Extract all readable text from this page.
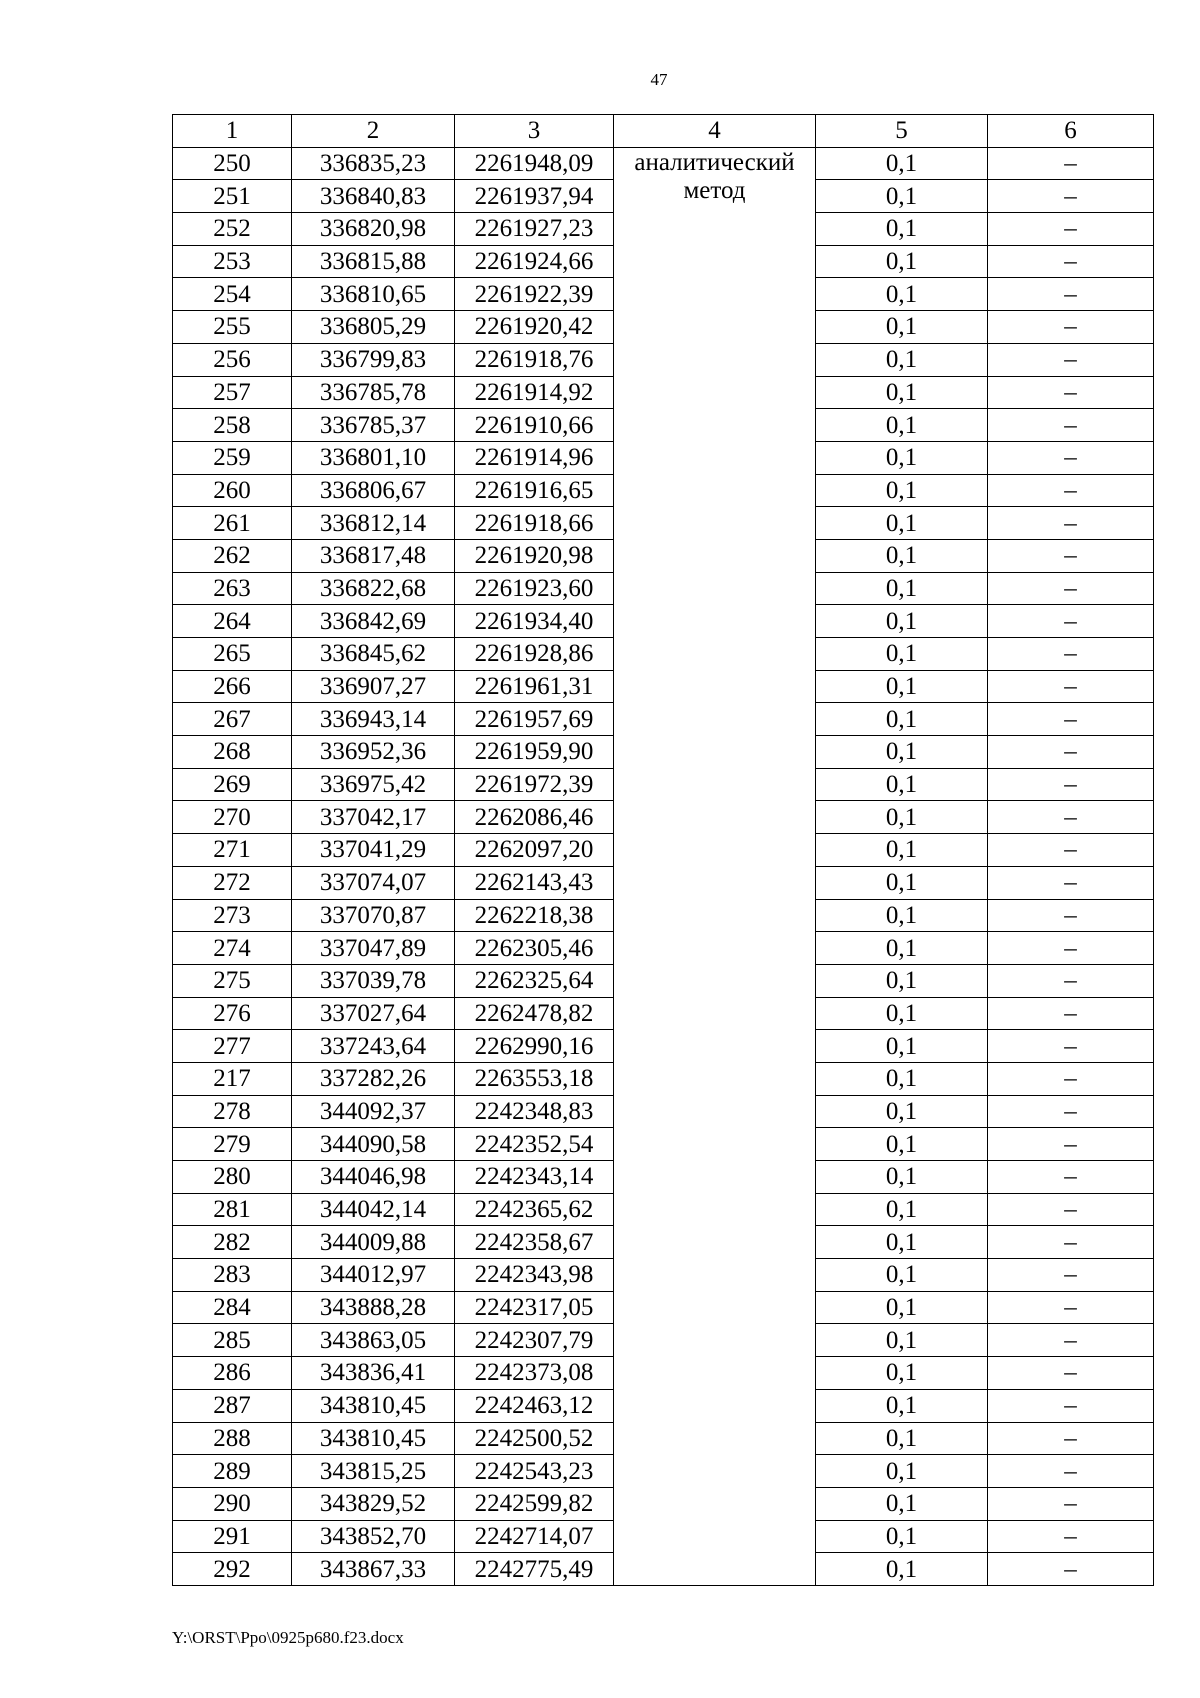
47
1	2	3	4	5	6
250	336835,23	2261948,09	аналитический метод	0,1	–
251	336840,83	2261937,94		0,1	–
252	336820,98	2261927,23		0,1	–
253	336815,88	2261924,66		0,1	–
254	336810,65	2261922,39		0,1	–
255	336805,29	2261920,42		0,1	–
256	336799,83	2261918,76		0,1	–
257	336785,78	2261914,92		0,1	–
258	336785,37	2261910,66		0,1	–
259	336801,10	2261914,96		0,1	–
260	336806,67	2261916,65		0,1	–
261	336812,14	2261918,66		0,1	–
262	336817,48	2261920,98		0,1	–
263	336822,68	2261923,60		0,1	–
264	336842,69	2261934,40		0,1	–
265	336845,62	2261928,86		0,1	–
266	336907,27	2261961,31		0,1	–
267	336943,14	2261957,69		0,1	–
268	336952,36	2261959,90		0,1	–
269	336975,42	2261972,39		0,1	–
270	337042,17	2262086,46		0,1	–
271	337041,29	2262097,20		0,1	–
272	337074,07	2262143,43		0,1	–
273	337070,87	2262218,38		0,1	–
274	337047,89	2262305,46		0,1	–
275	337039,78	2262325,64		0,1	–
276	337027,64	2262478,82		0,1	–
277	337243,64	2262990,16		0,1	–
217	337282,26	2263553,18		0,1	–
278	344092,37	2242348,83		0,1	–
279	344090,58	2242352,54		0,1	–
280	344046,98	2242343,14		0,1	–
281	344042,14	2242365,62		0,1	–
282	344009,88	2242358,67		0,1	–
283	344012,97	2242343,98		0,1	–
284	343888,28	2242317,05		0,1	–
285	343863,05	2242307,79		0,1	–
286	343836,41	2242373,08		0,1	–
287	343810,45	2242463,12		0,1	–
288	343810,45	2242500,52		0,1	–
289	343815,25	2242543,23		0,1	–
290	343829,52	2242599,82		0,1	–
291	343852,70	2242714,07		0,1	–
292	343867,33	2242775,49		0,1	–
Y:\ORST\Ppo\0925p680.f23.docx
